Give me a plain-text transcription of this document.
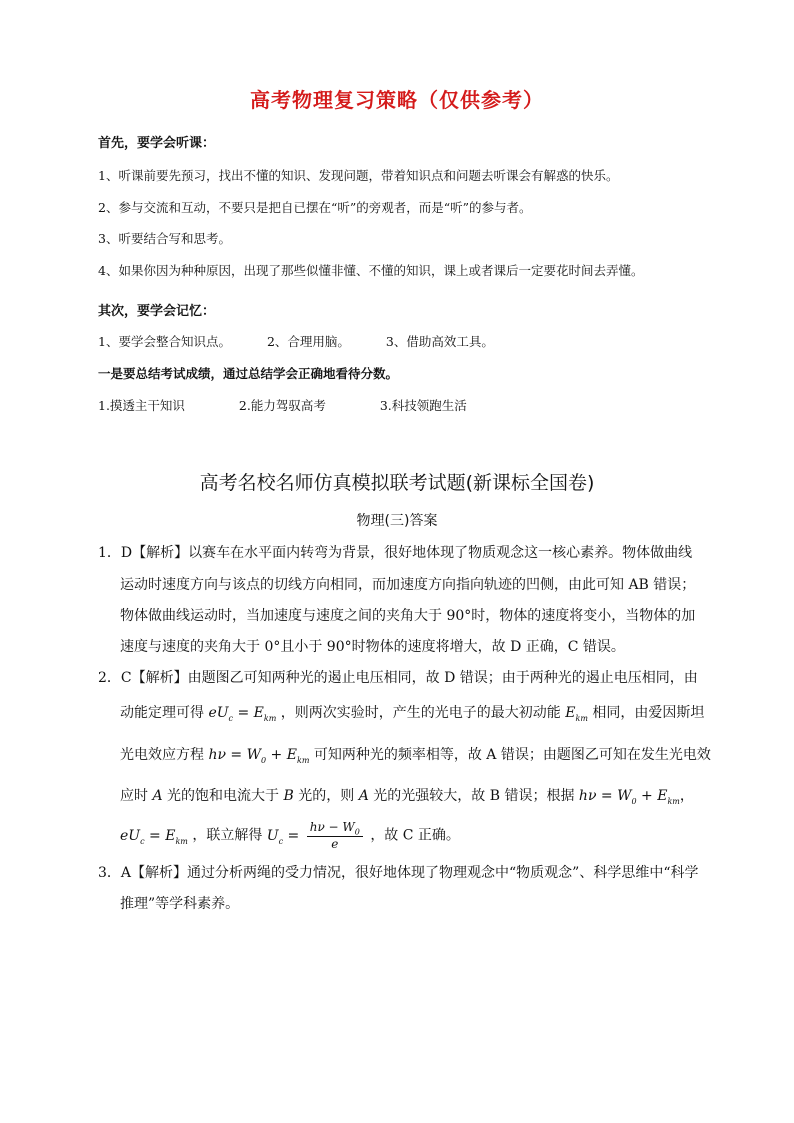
高考物理复习策略（仅供参考）
首先，要学会听课：
1、听课前要先预习，找出不懂的知识、发现问题，带着知识点和问题去听课会有解惑的快乐。
2、参与交流和互动，不要只是把自已摆在“听”的旁观者，而是“听”的参与者。
3、听要结合写和思考。
4、如果你因为种种原因，出现了那些似懂非懂、不懂的知识，课上或者课后一定要花时间去弄懂。
其次，要学会记忆：
1、要学会整合知识点。	2、合理用脑。	3、借助高效工具。
一是要总结考试成绩，通过总结学会正确地看待分数。
1.摸透主干知识	2.能力驾驭高考	3.科技领跑生活
高考名校名师仿真模拟联考试题(新课标全国卷)
物理(三)答案
1．D【解析】以赛车在水平面内转弯为背景，很好地体现了物质观念这一核心素养。物体做曲线
运动时速度方向与该点的切线方向相同，而加速度方向指向轨迹的凹侧，由此可知 AB 错误；
物体做曲线运动时，当加速度与速度之间的夹角大于 90°时，物体的速度将变小，当物体的加
速度与速度的夹角大于 0°且小于 90°时物体的速度将增大，故 D 正确，C 错误。
2．C【解析】由题图乙可知两种光的遏止电压相同，故 D 错误；由于两种光的遏止电压相同，由
动能定理可得 $eU_c = E_{km}$ ，则两次实验时，产生的光电子的最大初动能 $E_{km}$ 相同，由爱因斯坦
光电效应方程 $h\nu = W_0 + E_{km}$ 可知两种光的频率相等，故 A 错误；由题图乙可知在发生光电效
应时 A 光的饱和电流大于 B 光的，则 A 光的光强较大，故 B 错误；根据 $h\nu = W_0 + E_{km}$，
$eU_c = E_{km}$ ，联立解得 $U_c = \frac{h\nu - W_0}{e}$ ，故 C 正确。
3．A【解析】通过分析两绳的受力情况，很好地体现了物理观念中“物质观念”、科学思维中“科学
推理”等学科素养。
